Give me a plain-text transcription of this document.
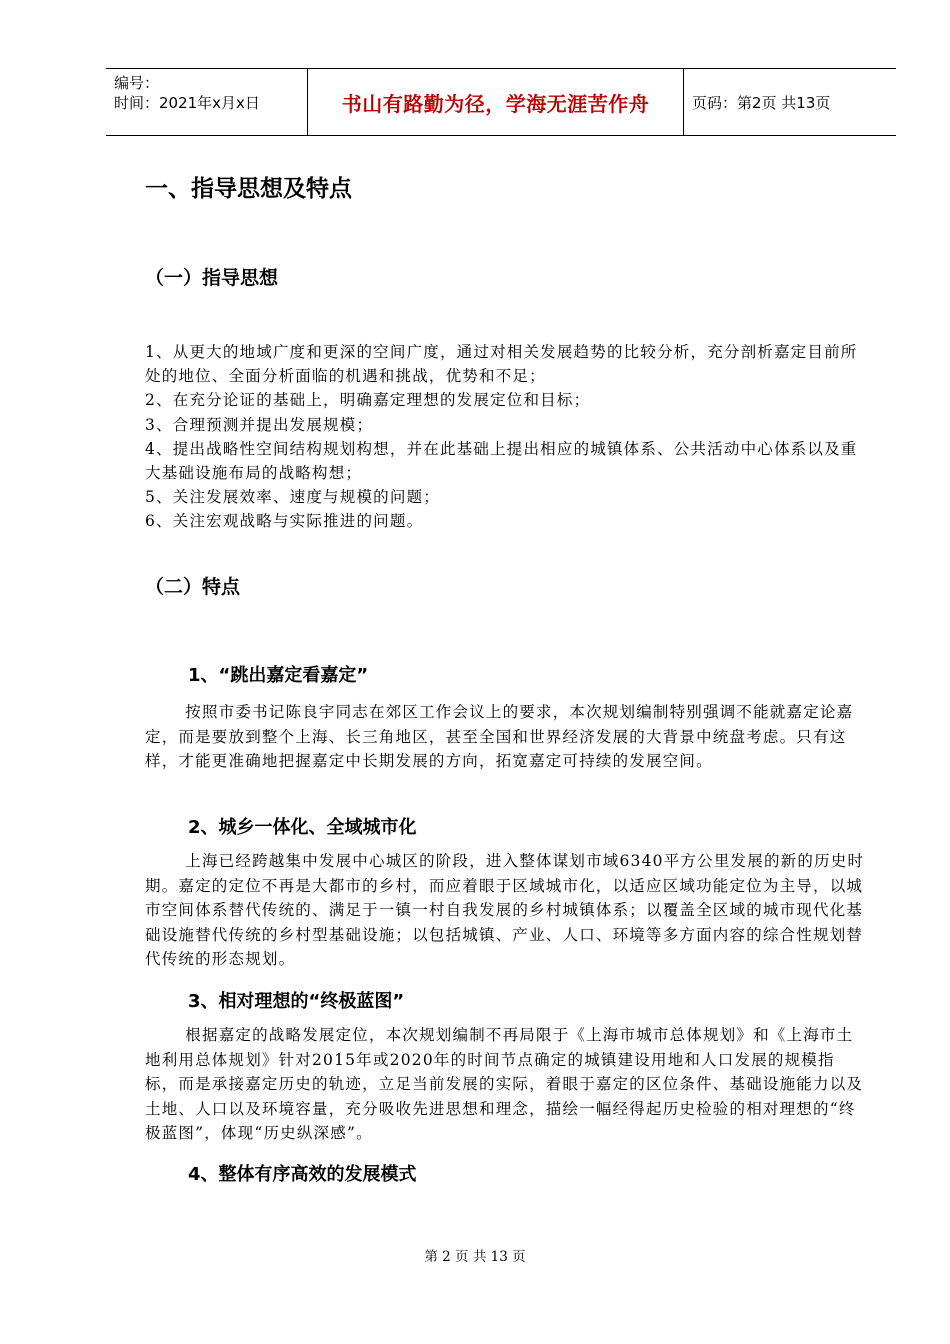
编号：
时间：2021年x月x日	书山有路勤为径，学海无涯苦作舟	页码：第2页 共13页
一、指导思想及特点
（一）指导思想

1、从更大的地域广度和更深的空间广度，通过对相关发展趋势的比较分析，充分剖析嘉定目前所处的地位、全面分析面临的机遇和挑战，优势和不足；

2、在充分论证的基础上，明确嘉定理想的发展定位和目标；

3、合理预测并提出发展规模；

4、提出战略性空间结构规划构想，并在此基础上提出相应的城镇体系、公共活动中心体系以及重大基础设施布局的战略构想；

5、关注发展效率、速度与规模的问题；

6、关注宏观战略与实际推进的问题。

（二）特点
1、“跳出嘉定看嘉定”

按照市委书记陈良宇同志在郊区工作会议上的要求，本次规划编制特别强调不能就嘉定论嘉定，而是要放到整个上海、长三角地区，甚至全国和世界经济发展的大背景中统盘考虑。只有这样，才能更准确地把握嘉定中长期发展的方向，拓宽嘉定可持续的发展空间。

2、城乡一体化、全域城市化

上海已经跨越集中发展中心城区的阶段，进入整体谋划市域6340平方公里发展的新的历史时期。嘉定的定位不再是大都市的乡村，而应着眼于区域城市化，以适应区域功能定位为主导，以城市空间体系替代传统的、满足于一镇一村自我发展的乡村城镇体系；以覆盖全区域的城市现代化基础设施替代传统的乡村型基础设施；以包括城镇、产业、人口、环境等多方面内容的综合性规划替代传统的形态规划。

3、相对理想的“终极蓝图”

根据嘉定的战略发展定位，本次规划编制不再局限于《上海市城市总体规划》和《上海市土地利用总体规划》针对2015年或2020年的时间节点确定的城镇建设用地和人口发展的规模指标，而是承接嘉定历史的轨迹，立足当前发展的实际，着眼于嘉定的区位条件、基础设施能力以及土地、人口以及环境容量，充分吸收先进思想和理念，描绘一幅经得起历史检验的相对理想的“终极蓝图”，体现“历史纵深感”。

4、整体有序高效的发展模式
第 2 页 共 13 页
